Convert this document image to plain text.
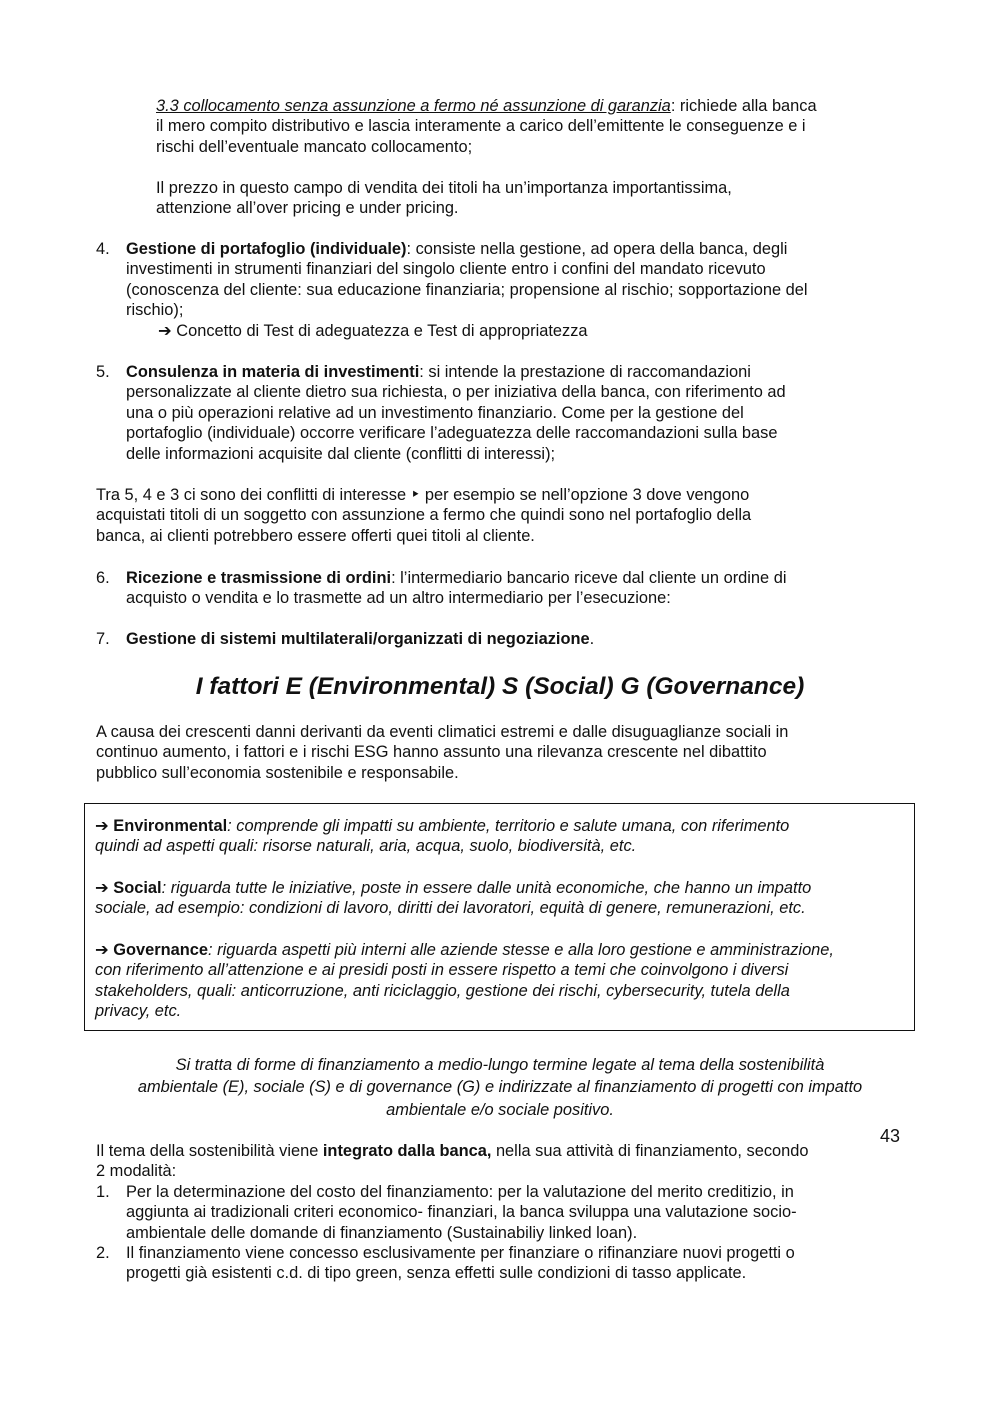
3.3 collocamento senza assunzione a fermo né assunzione di garanzia: richiede alla banca
il mero compito distributivo e lascia interamente a carico dell’emittente le conseguenze e i
rischi dell’eventuale mancato collocamento;
Il prezzo in questo campo di vendita dei titoli ha un’importanza importantissima,
attenzione all’over pricing e under pricing.
4. Gestione di portafoglio (individuale): consiste nella gestione, ad opera della banca, degli
investimenti in strumenti finanziari del singolo cliente entro i confini del mandato ricevuto
(conoscenza del cliente: sua educazione finanziaria; propensione al rischio; sopportazione del
rischio);
➔ Concetto di Test di adeguatezza e Test di appropriatezza
5. Consulenza in materia di investimenti: si intende la prestazione di raccomandazioni
personalizzate al cliente dietro sua richiesta, o per iniziativa della banca, con riferimento ad
una o più operazioni relative ad un investimento finanziario. Come per la gestione del
portafoglio (individuale) occorre verificare l’adeguatezza delle raccomandazioni sulla base
delle informazioni acquisite dal cliente (conflitti di interessi);
Tra 5, 4 e 3 ci sono dei conflitti di interesse ‣ per esempio se nell’opzione 3 dove vengono
acquistati titoli di un soggetto con assunzione a fermo che quindi sono nel portafoglio della
banca, ai clienti potrebbero essere offerti quei titoli al cliente.
6. Ricezione e trasmissione di ordini: l’intermediario bancario riceve dal cliente un ordine di
acquisto o vendita e lo trasmette ad un altro intermediario per l’esecuzione:
7. Gestione di sistemi multilaterali/organizzati di negoziazione.
I fattori E (Environmental) S (Social) G (Governance)
A causa dei crescenti danni derivanti da eventi climatici estremi e dalle disuguaglianze sociali in
continuo aumento, i fattori e i rischi ESG hanno assunto una rilevanza crescente nel dibattito
pubblico sull’economia sostenibile e responsabile.
➔ Environmental: comprende gli impatti su ambiente, territorio e salute umana, con riferimento
quindi ad aspetti quali: risorse naturali, aria, acqua, suolo, biodiversità, etc.
➔ Social: riguarda tutte le iniziative, poste in essere dalle unità economiche, che hanno un impatto
sociale, ad esempio: condizioni di lavoro, diritti dei lavoratori, equità di genere, remunerazioni, etc.
➔ Governance: riguarda aspetti più interni alle aziende stesse e alla loro gestione e amministrazione,
con riferimento all’attenzione e ai presidi posti in essere rispetto a temi che coinvolgono i diversi
stakeholders, quali: anticorruzione, anti riciclaggio, gestione dei rischi, cybersecurity, tutela della
privacy, etc.
Si tratta di forme di finanziamento a medio-lungo termine legate al tema della sostenibilità
ambientale (E), sociale (S) e di governance (G) e indirizzate al finanziamento di progetti con impatto
ambientale e/o sociale positivo.
Il tema della sostenibilità viene integrato dalla banca, nella sua attività di finanziamento, secondo
2 modalità:
1. Per la determinazione del costo del finanziamento: per la valutazione del merito creditizio, in
aggiunta ai tradizionali criteri economico- finanziari, la banca sviluppa una valutazione socio-
ambientale delle domande di finanziamento (Sustainabiliy linked loan).
2. Il finanziamento viene concesso esclusivamente per finanziare o rifinanziare nuovi progetti o
progetti già esistenti c.d. di tipo green, senza effetti sulle condizioni di tasso applicate.
43
